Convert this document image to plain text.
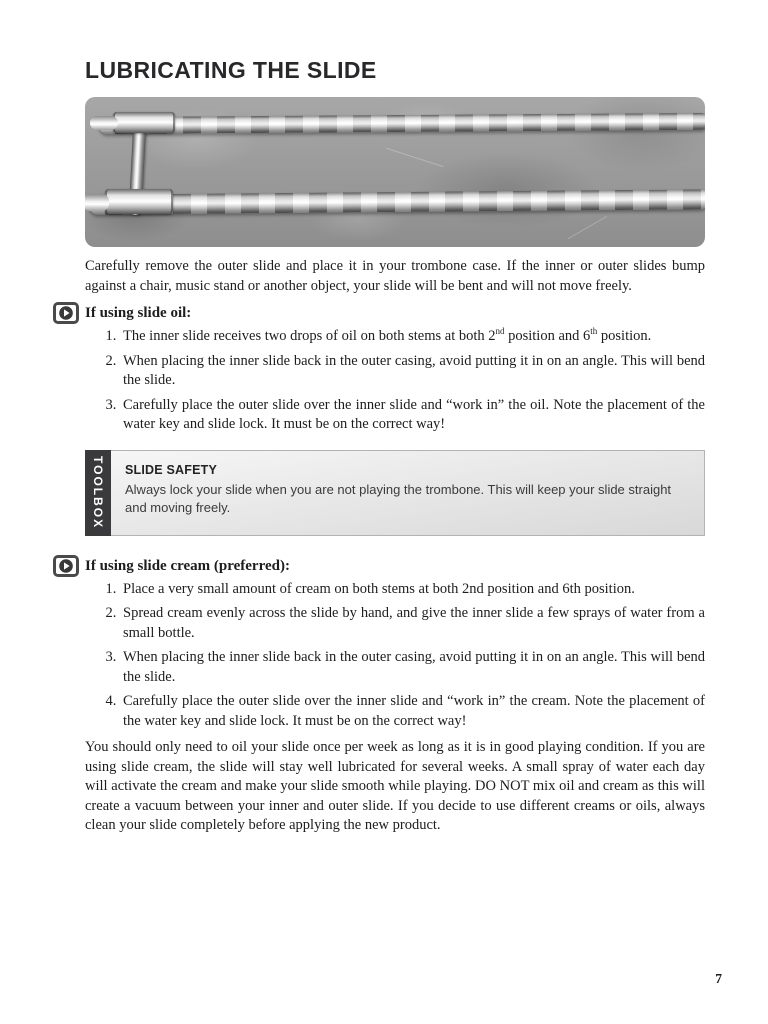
LUBRICATING THE SLIDE

Carefully remove the outer slide and place it in your trombone case. If the inner or outer slides bump against a chair, music stand or another object, your slide will be bent and will not move freely.

If using slide oil:
1. The inner slide receives two drops of oil on both stems at both 2nd position and 6th position.
2. When placing the inner slide back in the outer casing, avoid putting it in on an angle. This will bend the slide.
3. Carefully place the outer slide over the inner slide and “work in” the oil. Note the placement of the water key and slide lock. It must be on the correct way!
TOOLBOX SLIDE SAFETY

Always lock your slide when you are not playing the trombone. This will keep your slide straight and moving freely.

If using slide cream (preferred):
1. Place a very small amount of cream on both stems at both 2nd position and 6th position.
2. Spread cream evenly across the slide by hand, and give the inner slide a few sprays of water from a small bottle.
3. When placing the inner slide back in the outer casing, avoid putting it in on an angle. This will bend the slide.
4. Carefully place the outer slide over the inner slide and “work in” the cream. Note the placement of the water key and slide lock. It must be on the correct way!

You should only need to oil your slide once per week as long as it is in good playing condition. If you are using slide cream, the slide will stay well lubricated for several weeks. A small spray of water each day will activate the cream and make your slide smooth while playing. DO NOT mix oil and cream as this will create a vacuum between your inner and outer slide. If you decide to use different creams or oils, always clean your slide completely before applying the new product.

7
